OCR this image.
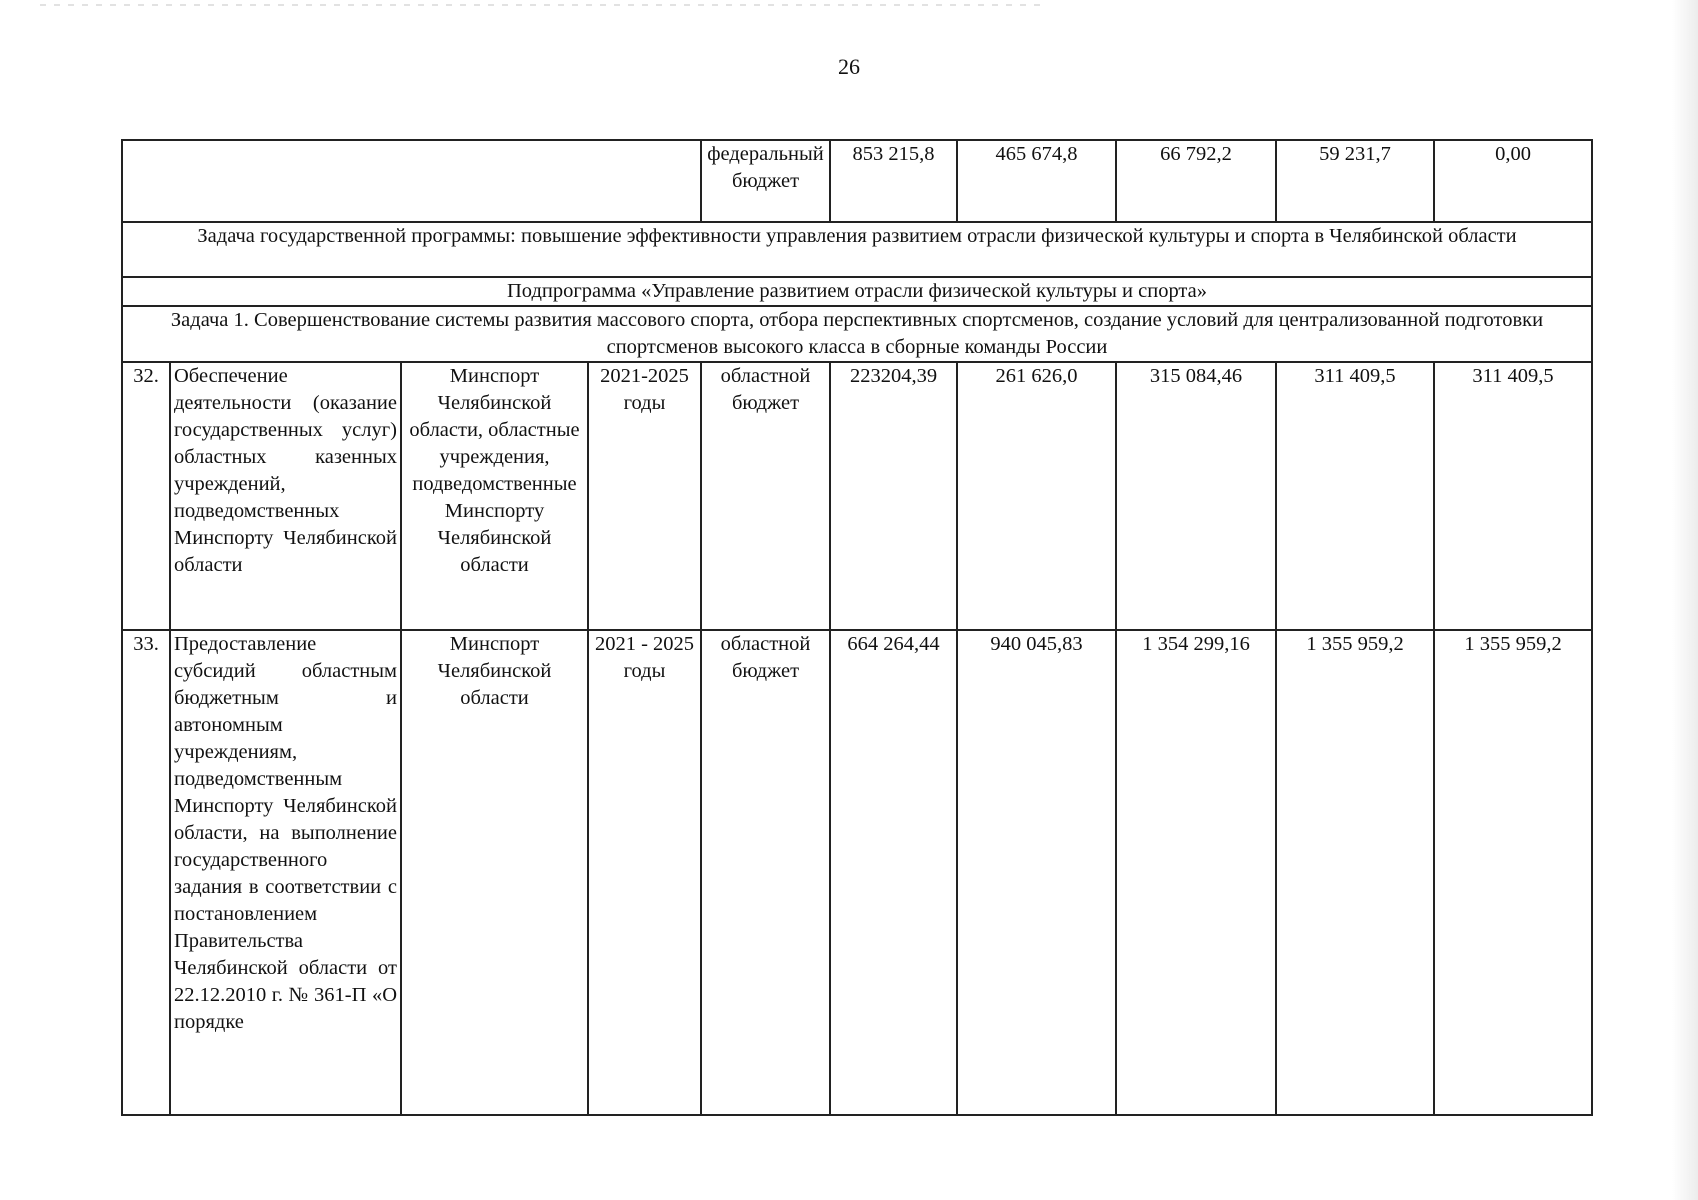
26
				федеральный бюджет	853 215,8	465 674,8	66 792,2	59 231,7	0,00
Задача государственной программы: повышение эффективности управления развитием отрасли физической культуры и спорта в Челябинской области									
Подпрограмма «Управление развитием отрасли физической культуры и спорта»									
Задача 1. Совершенствование системы развития массового спорта, отбора перспективных спортсменов, создание условий для централизованной подготовки спортсменов высокого класса в сборные команды России									
32.	Обеспечение деятельности (оказание государственных услуг) областных казенных учреждений, подведомственных Минспорту Челябинской области	Минспорт Челябинской области, областные учреждения, подведомственные Минспорту Челябинской области	2021-2025 годы	областной бюджет	223204,39	261 626,0	315 084,46	311 409,5	311 409,5
33.	Предоставление субсидий областным бюджетным и автономным учреждениям, подведомственным Минспорту Челябинской области, на выполнение государственного задания в соответствии с постановлением Правительства Челябинской области от 22.12.2010 г. № 361-П «О порядке	Минспорт Челябинской области	2021 - 2025 годы	областной бюджет	664 264,44	940 045,83	1 354 299,16	1 355 959,2	1 355 959,2
